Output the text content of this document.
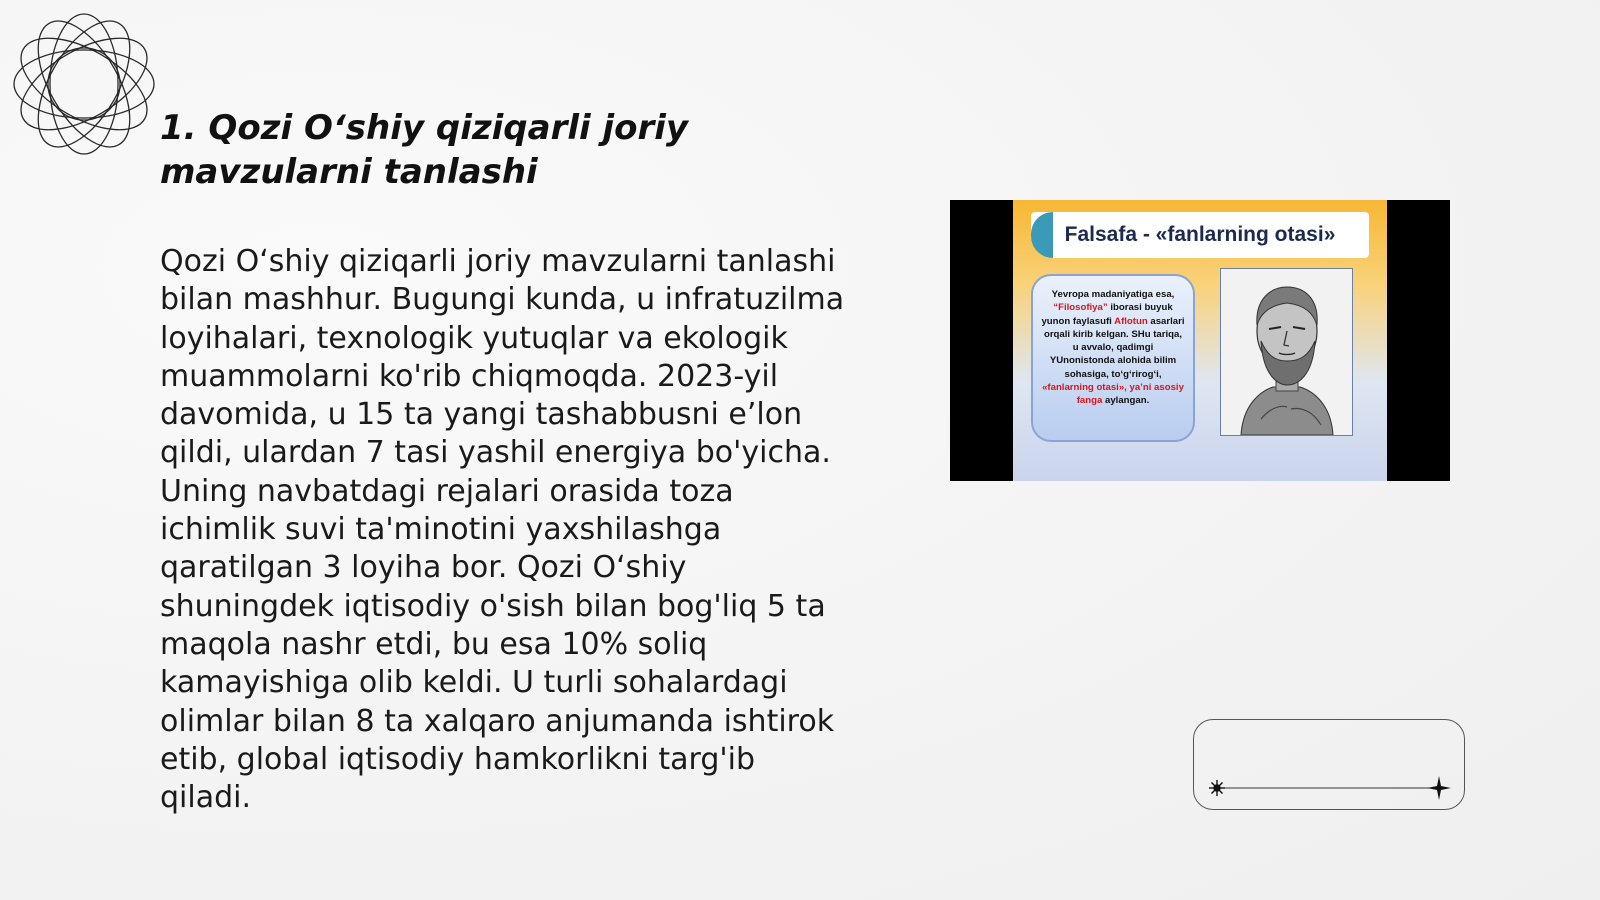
1. Qozi O‘shiy qiziqarli joriy
mavzularni tanlashi

Qozi O‘shiy qiziqarli joriy mavzularni tanlashi bilan mashhur. Bugungi kunda, u infratuzilma loyihalari, texnologik yutuqlar va ekologik muammolarni ko'rib chiqmoqda. 2023-yil davomida, u 15 ta yangi tashabbusni e’lon qildi, ulardan 7 tasi yashil energiya bo'yicha. Uning navbatdagi rejalari orasida toza ichimlik suvi ta'minotini yaxshilashga qaratilgan 3 loyiha bor. Qozi O‘shiy shuningdek iqtisodiy o'sish bilan bog'liq 5 ta maqola nashr etdi, bu esa 10% soliq kamayishiga olib keldi. U turli sohalardagi olimlar bilan 8 ta xalqaro anjumanda ishtirok etib, global iqtisodiy hamkorlikni targ'ib qiladi.

Falsafa - «fanlarning otasi»
Yevropa madaniyatiga esa, “Filosofiya” iborasi buyuk yunon faylasufi Aflotun asarlari orqali kirib kelgan. SHu tariqa, u avvalo, qadimgi YUnonistonda alohida bilim sohasiga, to‘g‘rirog‘i, «fanlarning otasi», ya’ni asosiy fanga aylangan.
